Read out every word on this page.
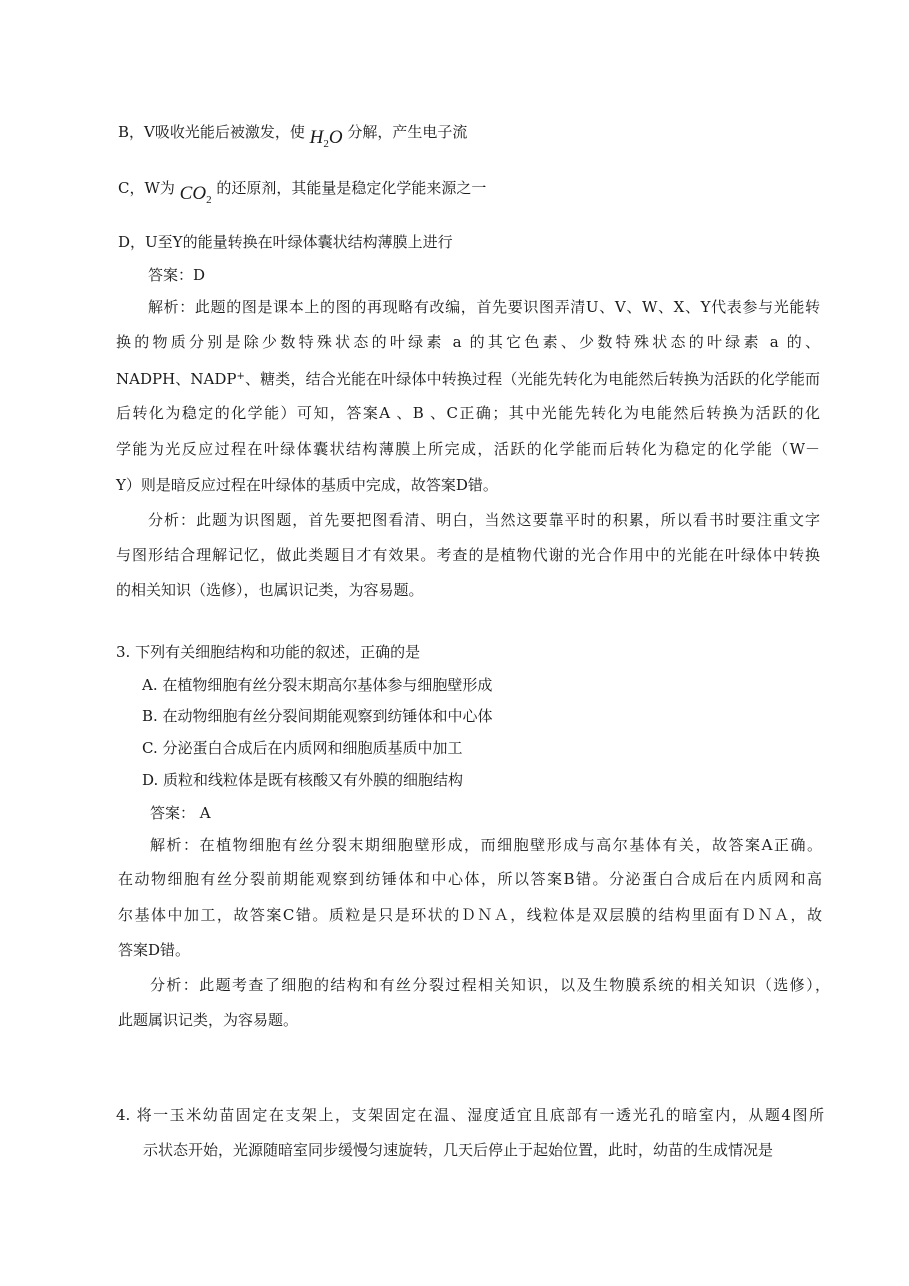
B，V吸收光能后被激发，使 $H_2O$ 分解，产生电子流
C，W为 $CO_2$ 的还原剂，其能量是稳定化学能来源之一
D，U至Y的能量转换在叶绿体囊状结构薄膜上进行
答案：D
解析：此题的图是课本上的图的再现略有改编，首先要识图弄清U、V、W、X、Y代表参与光能转
换的物质分别是除少数特殊状态的叶绿素 a 的其它色素、少数特殊状态的叶绿素 a 的、
NADPH、NADP+、糖类，结合光能在叶绿体中转换过程（光能先转化为电能然后转换为活跃的化学能而
后转化为稳定的化学能）可知，答案A 、B 、C正确；其中光能先转化为电能然后转换为活跃的化
学能为光反应过程在叶绿体囊状结构薄膜上所完成，活跃的化学能而后转化为稳定的化学能（W－
Y）则是暗反应过程在叶绿体的基质中完成，故答案D错。
分析：此题为识图题，首先要把图看清、明白，当然这要靠平时的积累，所以看书时要注重文字
与图形结合理解记忆，做此类题目才有效果。考查的是植物代谢的光合作用中的光能在叶绿体中转换
的相关知识（选修），也属识记类，为容易题。
3. 下列有关细胞结构和功能的叙述，正确的是
A. 在植物细胞有丝分裂末期高尔基体参与细胞壁形成
B. 在动物细胞有丝分裂间期能观察到纺锤体和中心体
C. 分泌蛋白合成后在内质网和细胞质基质中加工
D. 质粒和线粒体是既有核酸又有外膜的细胞结构
答案： A
解析：在植物细胞有丝分裂末期细胞壁形成，而细胞壁形成与高尔基体有关，故答案A正确。
在动物细胞有丝分裂前期能观察到纺锤体和中心体，所以答案B错。分泌蛋白合成后在内质网和高
尔基体中加工，故答案C错。质粒是只是环状的ＤＮＡ，线粒体是双层膜的结构里面有ＤＮＡ，故
答案D错。
分析：此题考查了细胞的结构和有丝分裂过程相关知识，以及生物膜系统的相关知识（选修），
此题属识记类，为容易题。
4. 将一玉米幼苗固定在支架上，支架固定在温、湿度适宜且底部有一透光孔的暗室内，从题4图所
示状态开始，光源随暗室同步缓慢匀速旋转，几天后停止于起始位置，此时，幼苗的生成情况是
